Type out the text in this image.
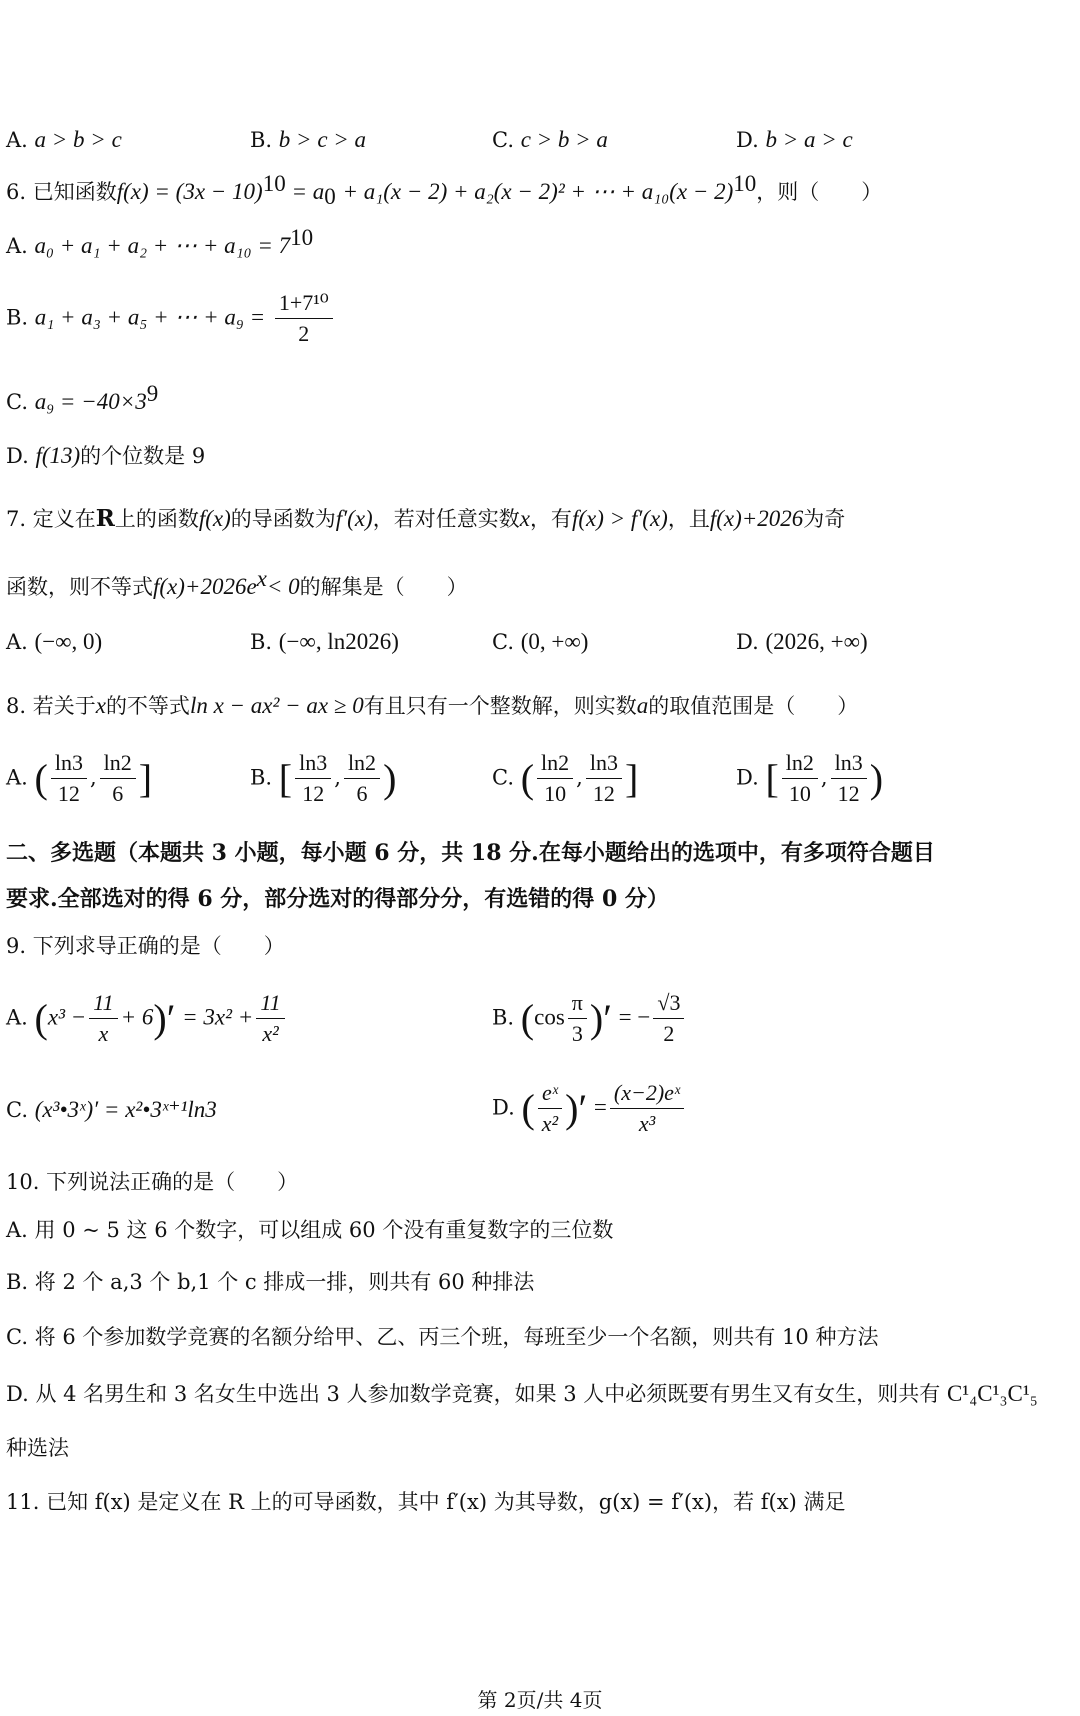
A. a > b > c	B. b > c > a	C. c > b > a	D. b > a > c
6. 已知函数$f(x) = (3x - 10)^{10} = a_0 + a_1(x - 2) + a_2(x - 2)^2$ + ⋯ + $a_{10}(x - 2)^{10}$，则（　　）
A. a₀ + a₁ + a₂ + ⋯ + $a_{10} = 7^{10}$
B. a₁ + a₃ + a₅ + ⋯ + $a_9 = \frac{\text{1+7¹⁰}}{2}$
C. $a_9 = -40\times 3^9$
D. f(13)的个位数是 9
7. 定义在R上的函数f(x)的导函数为f′(x)，若对任意实数x，有f(x) > f′(x)，且f(x)+2026为奇
函数，则不等式$f(x)+2026e^x< 0$的解集是（　　）
A. (−∞, 0)	B. (−∞, ln2026)	C. (0, +∞)	D. (2026, +∞)
8. 若关于x的不等式ln x − ax² − ax ≥ 0有且只有一个整数解，则实数a的取值范围是（　　）
A. ( $\frac{\ln 3}{12}$ , $\frac{\ln 2}{6}$ ]	B. [ $\frac{\ln 3}{12}$ , $\frac{\ln 2}{6}$ )	C. ( $\frac{\ln 2}{10}$ , $\frac{\ln 3}{12}$ ]	D. [ $\frac{\ln 2}{10}$ , $\frac{\ln 3}{12}$ )
二、多选题（本题共 3 小题，每小题 6 分，共 18 分.在每小题给出的选项中，有多项符合题目
要求.全部选对的得 6 分，部分选对的得部分分，有选错的得 0 分）
9. 下列求导正确的是（　　）
A. $(x^3 - \frac{11}{x} + 6)' = 3x^2 + \frac{11}{\text{x²}}$	B. ($\cos \frac{\pi}{3}$ )′ = − $\frac{√3}{2}$
C. (x³•3ˣ)′ = x²•3ˣ⁺¹ln3	D. ( $\frac{\text{eˣ}}{\text{x²}}$ )′ = $\frac{\text{(x−2)eˣ}}{\text{x³}}$
10. 下列说法正确的是（　　）
A. 用 0 ~ 5 这 6 个数字，可以组成 60 个没有重复数字的三位数
B. 将 2 个 a,3 个 b,1 个 c 排成一排，则共有 60 种排法
C. 将 6 个参加数学竞赛的名额分给甲、乙、丙三个班，每班至少一个名额，则共有 10 种方法
D. 从 4 名男生和 3 名女生中选出 3 人参加数学竞赛，如果 3 人中必须既要有男生又有女生，则共有 C¹₄C¹₃C¹₅
种选法
11. 已知 f(x) 是定义在 R 上的可导函数，其中 f′(x) 为其导数，g(x) = f′(x)，若 f(x) 满足
第 2页/共 4页
